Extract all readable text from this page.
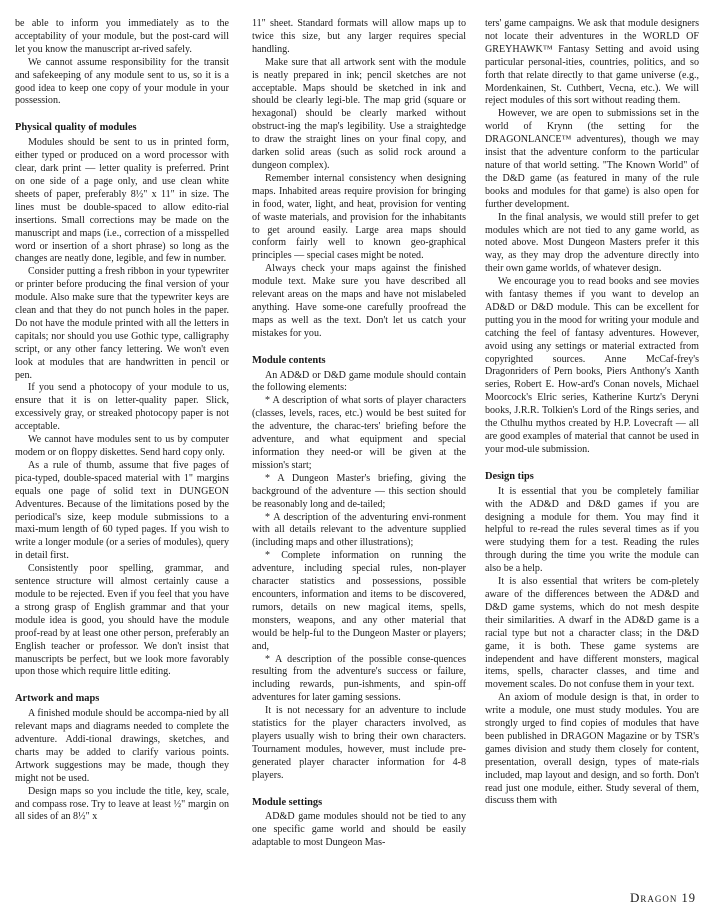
be able to inform you immediately as to the acceptability of your module, but the post-card will let you know the manuscript ar-rived safely.

We cannot assume responsibility for the transit and safekeeping of any module sent to us, so it is a good idea to keep one copy of your module in your possession.

Physical quality of modules

Modules should be sent to us in printed form, either typed or produced on a word processor with clear, dark print — letter quality is preferred. Print on one side of a page only, and use clean white sheets of paper, preferably 8½" x 11" in size. The lines must be double-spaced to allow edito-rial insertions. Small corrections may be made on the manuscript and maps (i.e., correction of a misspelled word or insertion of a short phrase) so long as the changes are neatly done, legible, and few in number.

Consider putting a fresh ribbon in your typewriter or printer before producing the final version of your module. Also make sure that the typewriter keys are clean and that they do not punch holes in the paper. Do not have the module printed with all the letters in capitals; nor should you use Gothic type, calligraphy script, or any other fancy lettering. We won't even look at modules that are handwritten in pencil or pen.

If you send a photocopy of your module to us, ensure that it is on letter-quality paper. Slick, excessively gray, or streaked photocopy paper is not acceptable.

We cannot have modules sent to us by computer modem or on floppy diskettes. Send hard copy only.

As a rule of thumb, assume that five pages of pica-typed, double-spaced material with 1" margins equals one page of solid text in DUNGEON Adventures. Because of the limitations posed by the periodical's size, keep module submissions to a maxi-mum length of 60 typed pages. If you wish to write a longer module (or a series of modules), query in detail first.

Consistently poor spelling, grammar, and sentence structure will almost certainly cause a module to be rejected. Even if you feel that you have a strong grasp of English grammar and that your module idea is good, you should have the module proof-read by at least one other person, preferably an English teacher or professor. We don't insist that manuscripts be perfect, but we look more favorably upon those which require little editing.

Artwork and maps

A finished module should be accompa-nied by all relevant maps and diagrams needed to complete the adventure. Addi-tional drawings, sketches, and charts may be added to clarify various points. Artwork suggestions may be made, though they might not be used.

Design maps so you include the title, key, scale, and compass rose. Try to leave at least ½" margin on all sides of an 8½" x

11" sheet. Standard formats will allow maps up to twice this size, but any larger requires special handling.

Make sure that all artwork sent with the module is neatly prepared in ink; pencil sketches are not acceptable. Maps should be sketched in ink and should be clearly legi-ble. The map grid (square or hexagonal) should be clearly marked without obstruct-ing the map's legibility. Use a straightedge to draw the straight lines on your final copy, and darken solid areas (such as solid rock around a dungeon complex).

Remember internal consistency when designing maps. Inhabited areas require provision for bringing in food, water, light, and heat, provision for venting of waste materials, and provision for the inhabitants to get around easily. Large area maps should conform fairly well to known geo-graphical principles — special cases might be noted.

Always check your maps against the finished module text. Make sure you have described all relevant areas on the maps and have not mislabeled anything. Have some-one carefully proofread the maps as well as the text. Don't let us catch your mistakes for you.

Module contents

An AD&D or D&D game module should contain the following elements:

* A description of what sorts of player characters (classes, levels, races, etc.) would be best suited for the adventure, the charac-ters' briefing before the adventure, and what equipment and special information they need-or will be given at the mission's start;

* A Dungeon Master's briefing, giving the background of the adventure — this section should be reasonably long and de-tailed;

* A description of the adventuring envi-ronment with all details relevant to the adventure supplied (including maps and other illustrations);

* Complete information on running the adventure, including special rules, non-player character statistics and possessions, possible encounters, information and items to be discovered, rumors, details on new magical items, spells, monsters, weapons, and any other material that would be help-ful to the Dungeon Master or players; and,

* A description of the possible conse-quences resulting from the adventure's success or failure, including rewards, pun-ishments, and spin-off adventures for later gaming sessions.

It is not necessary for an adventure to include statistics for the player characters involved, as players usually wish to bring their own characters. Tournament modules, however, must include pre-generated player character information for 4-8 players.

Module settings

AD&D game modules should not be tied to any one specific game world and should be easily adaptable to most Dungeon Mas-

ters' game campaigns. We ask that module designers not locate their adventures in the WORLD OF GREYHAWK™ Fantasy Setting and avoid using particular personal-ities, countries, politics, and so forth that relate directly to that game universe (e.g., Mordenkainen, St. Cuthbert, Vecna, etc.). We will reject modules of this sort without reading them.

However, we are open to submissions set in the world of Krynn (the setting for the DRAGONLANCE™ adventures), though we may insist that the adventure conform to the particular nature of that world setting. "The Known World" of the D&D game (as featured in many of the rule books and modules for that game) is also open for further development.

In the final analysis, we would still prefer to get modules which are not tied to any game world, as noted above. Most Dungeon Masters prefer it this way, as they may drop the adventure directly into their own game worlds, of whatever design.

We encourage you to read books and see movies with fantasy themes if you want to develop an AD&D or D&D module. This can be excellent for putting you in the mood for writing your module and catching the feel of fantasy adventures. However, avoid using any settings or material extracted from copyrighted sources. Anne McCaf-frey's Dragonriders of Pern books, Piers Anthony's Xanth series, Robert E. How-ard's Conan novels, Michael Moorcock's Elric series, Katherine Kurtz's Deryni books, J.R.R. Tolkien's Lord of the Rings series, and the Cthulhu mythos created by H.P. Lovecraft — all are good examples of material that cannot be used in your mod-ule submission.

Design tips

It is essential that you be completely familiar with the AD&D and D&D games if you are designing a module for them. You may find it helpful to re-read the rules several times as if you were studying them for a test. Reading the rules through during the time you write the module can also be a help.

It is also essential that writers be com-pletely aware of the differences between the AD&D and D&D game systems, which do not mesh despite their similarities. A dwarf in the AD&D game is a racial type but not a character class; in the D&D game, it is both. These game systems are independent and have different monsters, magical items, spells, character classes, and time and movement scales. Do not confuse them in your text.

An axiom of module design is that, in order to write a module, one must study modules. You are strongly urged to find copies of modules that have been published in DRAGON Magazine or by TSR's games division and study them closely for content, presentation, overall design, types of mate-rials included, map layout and design, and so forth. Don't read just one module, either. Study several of them, discuss them with

Dragon 19
